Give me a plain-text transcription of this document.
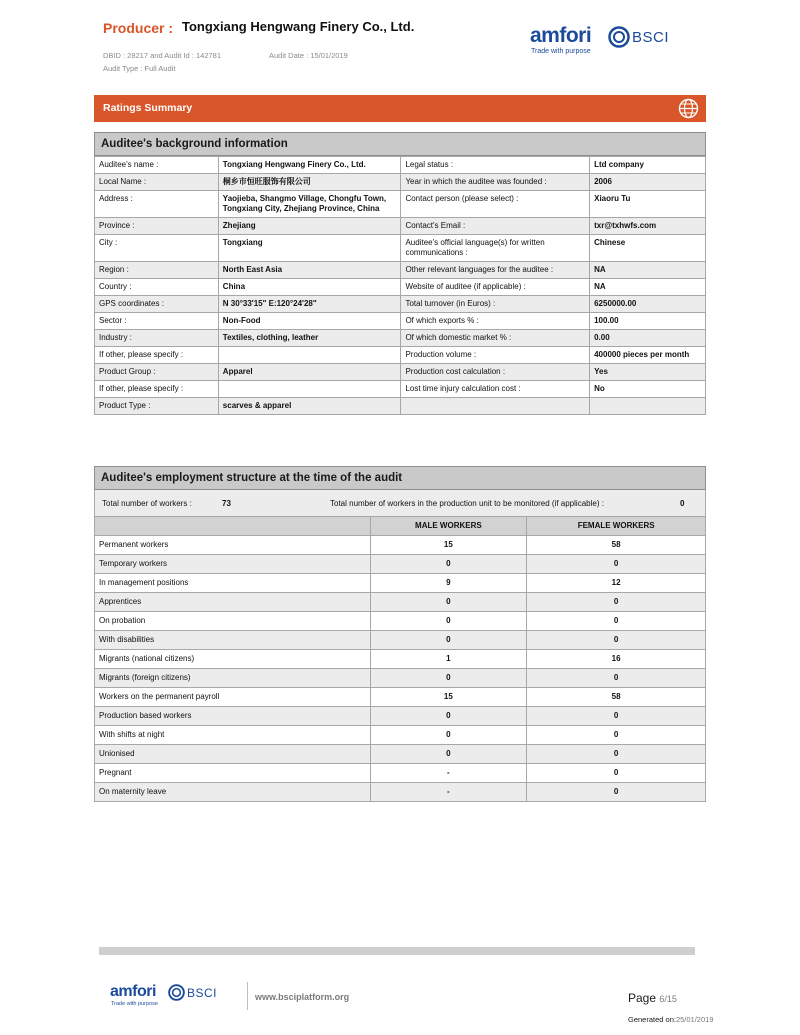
Producer : Tongxiang Hengwang Finery Co., Ltd.
DBID : 28217 and Audit Id : 142781	Audit Date : 15/01/2019
Audit Type : Full Audit
amfori
Trade with purpose
BSCI
Ratings Summary
Auditee's background information
Auditee's name :	Tongxiang Hengwang Finery Co., Ltd.	Legal status :	Ltd company
Local Name :	桐乡市恒旺服饰有限公司	Year in which the auditee was founded :	2006
Address :	Yaojieba, Shangmo Village, Chongfu Town, Tongxiang City, Zhejiang Province, China	Contact person (please select) :	Xiaoru Tu
Province :	Zhejiang	Contact's Email :	txr@txhwfs.com
City :	Tongxiang	Auditee's official language(s) for written communications :	Chinese
Region :	North East Asia	Other relevant languages for the auditee :	NA
Country :	China	Website of auditee (if applicable) :	NA
GPS coordinates :	N 30°33'15" E:120°24'28"	Total turnover (in Euros) :	6250000.00
Sector :	Non-Food	Of which exports % :	100.00
Industry :	Textiles, clothing, leather	Of which domestic market % :	0.00
If other, please specify :		Production volume :	400000 pieces per month
Product Group :	Apparel	Production cost calculation :	Yes
If other, please specify :		Lost time injury calculation cost :	No
Product Type :	scarves & apparel		
Auditee's employment structure at the time of the audit
Total number of workers :	73	Total number of workers in the production unit to be monitored (if applicable) :	0
	MALE WORKERS	FEMALE WORKERS
Permanent workers	15	58
Temporary workers	0	0
In management positions	9	12
Apprentices	0	0
On probation	0	0
With disabilities	0	0
Migrants (national citizens)	1	16
Migrants (foreign citizens)	0	0
Workers on the permanent payroll	15	58
Production based workers	0	0
With shifts at night	0	0
Unionised	0	0
Pregnant	-	0
On maternity leave	-	0
amfori
Trade with purpose
BSCI	www.bsciplatform.org	Page 6/15
Generated on:25/01/2019
